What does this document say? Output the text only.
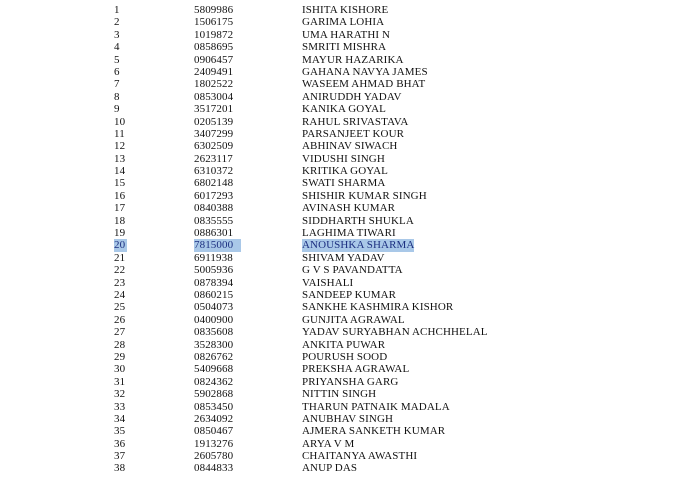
1	5809986	ISHITA KISHORE
2	1506175	GARIMA LOHIA
3	1019872	UMA HARATHI N
4	0858695	SMRITI MISHRA
5	0906457	MAYUR HAZARIKA
6	2409491	GAHANA NAVYA JAMES
7	1802522	WASEEM AHMAD BHAT
8	0853004	ANIRUDDH YADAV
9	3517201	KANIKA GOYAL
10	0205139	RAHUL SRIVASTAVA
11	3407299	PARSANJEET KOUR
12	6302509	ABHINAV SIWACH
13	2623117	VIDUSHI SINGH
14	6310372	KRITIKA GOYAL
15	6802148	SWATI SHARMA
16	6017293	SHISHIR KUMAR SINGH
17	0840388	AVINASH KUMAR
18	0835555	SIDDHARTH SHUKLA
19	0886301	LAGHIMA TIWARI
20	7815000	ANOUSHKA SHARMA
21	6911938	SHIVAM YADAV
22	5005936	G V S PAVANDATTA
23	0878394	VAISHALI
24	0860215	SANDEEP KUMAR
25	0504073	SANKHE KASHMIRA KISHOR
26	0400900	GUNJITA AGRAWAL
27	0835608	YADAV SURYABHAN ACHCHHELAL
28	3528300	ANKITA PUWAR
29	0826762	POURUSH SOOD
30	5409668	PREKSHA AGRAWAL
31	0824362	PRIYANSHA GARG
32	5902868	NITTIN SINGH
33	0853450	THARUN PATNAIK MADALA
34	2634092	ANUBHAV SINGH
35	0850467	AJMERA SANKETH KUMAR
36	1913276	ARYA V M
37	2605780	CHAITANYA AWASTHI
38	0844833	ANUP DAS
